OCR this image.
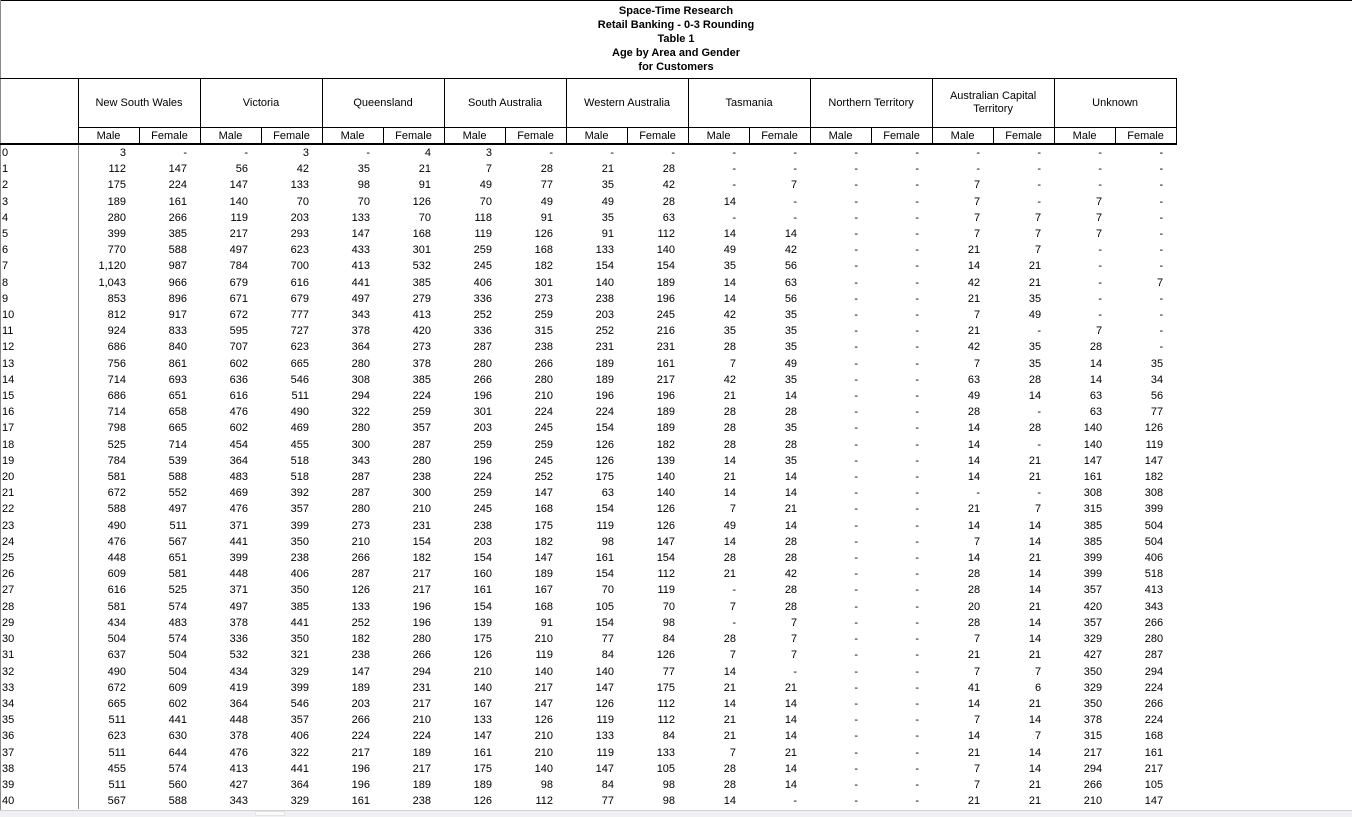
Space-Time Research
Retail Banking - 0-3 Rounding
Table 1
Age by Area and Gender
for Customers
	New South Wales		Victoria		Queensland		South Australia		Western Australia		Tasmania		Northern Territory		Australian Capital Territory		Unknown	
	Male	Female	Male	Female	Male	Female	Male	Female	Male	Female	Male	Female	Male	Female	Male	Female	Male	Female
0	3	-	-	3	-	4	3	-	-	-	-	-	-	-	-	-	-	-
1	112	147	56	42	35	21	7	28	21	28	-	-	-	-	-	-	-	-
2	175	224	147	133	98	91	49	77	35	42	-	7	-	-	7	-	-	-
3	189	161	140	70	70	126	70	49	49	28	14	-	-	-	7	-	7	-
4	280	266	119	203	133	70	118	91	35	63	-	-	-	-	7	7	7	-
5	399	385	217	293	147	168	119	126	91	112	14	14	-	-	7	7	7	-
6	770	588	497	623	433	301	259	168	133	140	49	42	-	-	21	7	-	-
7	1,120	987	784	700	413	532	245	182	154	154	35	56	-	-	14	21	-	-
8	1,043	966	679	616	441	385	406	301	140	189	14	63	-	-	42	21	-	7
9	853	896	671	679	497	279	336	273	238	196	14	56	-	-	21	35	-	-
10	812	917	672	777	343	413	252	259	203	245	42	35	-	-	7	49	-	-
11	924	833	595	727	378	420	336	315	252	216	35	35	-	-	21	-	7	-
12	686	840	707	623	364	273	287	238	231	231	28	35	-	-	42	35	28	-
13	756	861	602	665	280	378	280	266	189	161	7	49	-	-	7	35	14	35
14	714	693	636	546	308	385	266	280	189	217	42	35	-	-	63	28	14	34
15	686	651	616	511	294	224	196	210	196	196	21	14	-	-	49	14	63	56
16	714	658	476	490	322	259	301	224	224	189	28	28	-	-	28	-	63	77
17	798	665	602	469	280	357	203	245	154	189	28	35	-	-	14	28	140	126
18	525	714	454	455	300	287	259	259	126	182	28	28	-	-	14	-	140	119
19	784	539	364	518	343	280	196	245	126	139	14	35	-	-	14	21	147	147
20	581	588	483	518	287	238	224	252	175	140	21	14	-	-	14	21	161	182
21	672	552	469	392	287	300	259	147	63	140	14	14	-	-	-	-	308	308
22	588	497	476	357	280	210	245	168	154	126	7	21	-	-	21	7	315	399
23	490	511	371	399	273	231	238	175	119	126	49	14	-	-	14	14	385	504
24	476	567	441	350	210	154	203	182	98	147	14	28	-	-	7	14	385	504
25	448	651	399	238	266	182	154	147	161	154	28	28	-	-	14	21	399	406
26	609	581	448	406	287	217	160	189	154	112	21	42	-	-	28	14	399	518
27	616	525	371	350	126	217	161	167	70	119	-	28	-	-	28	14	357	413
28	581	574	497	385	133	196	154	168	105	70	7	28	-	-	20	21	420	343
29	434	483	378	441	252	196	139	91	154	98	-	7	-	-	28	14	357	266
30	504	574	336	350	182	280	175	210	77	84	28	7	-	-	7	14	329	280
31	637	504	532	321	238	266	126	119	84	126	7	7	-	-	21	21	427	287
32	490	504	434	329	147	294	210	140	140	77	14	-	-	-	7	7	350	294
33	672	609	419	399	189	231	140	217	147	175	21	21	-	-	41	6	329	224
34	665	602	364	546	203	217	167	147	126	112	14	14	-	-	14	21	350	266
35	511	441	448	357	266	210	133	126	119	112	21	14	-	-	7	14	378	224
36	623	630	378	406	224	224	147	210	133	84	21	14	-	-	14	7	315	168
37	511	644	476	322	217	189	161	210	119	133	7	21	-	-	21	14	217	161
38	455	574	413	441	196	217	175	140	147	105	28	14	-	-	7	14	294	217
39	511	560	427	364	196	189	189	98	84	98	28	14	-	-	7	21	266	105
40	567	588	343	329	161	238	126	112	77	98	14	-	-	-	21	21	210	147
